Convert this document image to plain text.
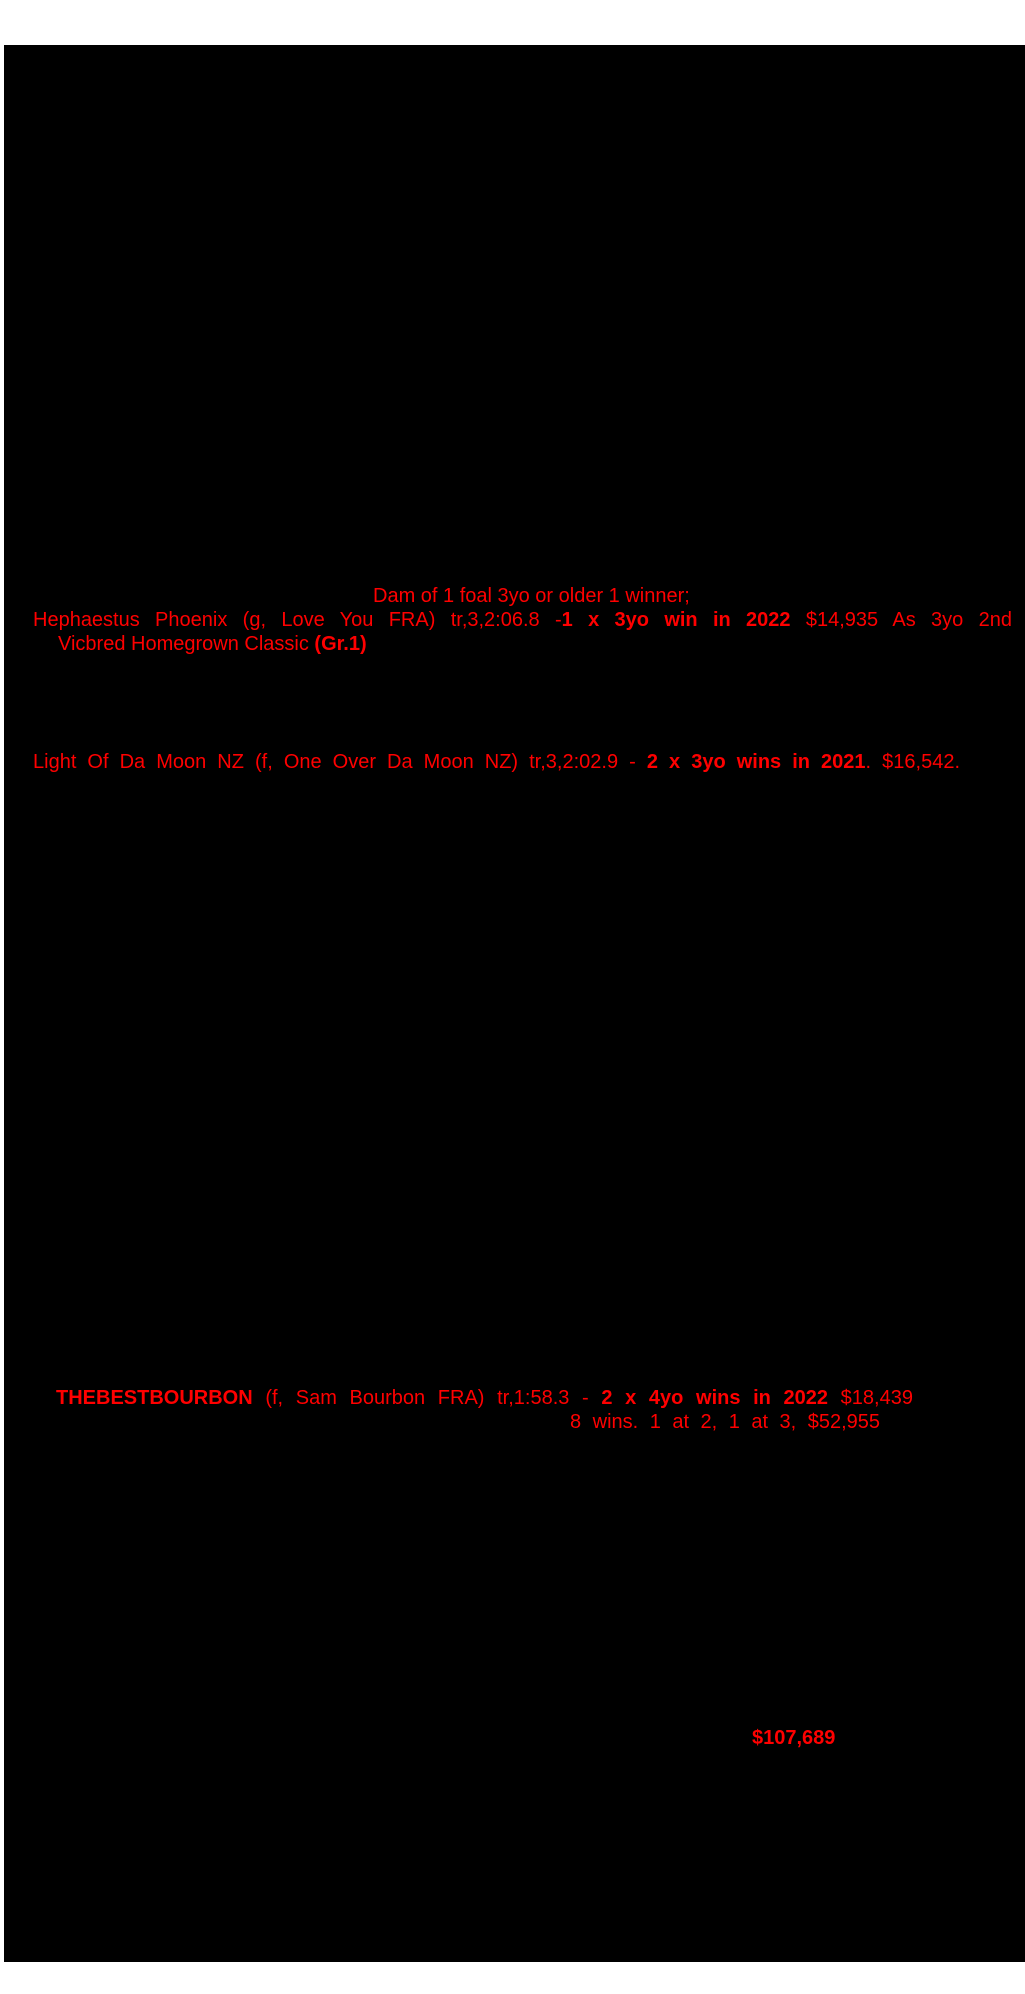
Dam of 1 foal 3yo or older 1 winner;
Hephaestus Phoenix (g, Love You FRA) tr,3,2:06.8 -1 x 3yo win in 2022 $14,935 As 3yo 2nd
Vicbred Homegrown Classic (Gr.1)
Light Of Da Moon NZ (f, One Over Da Moon NZ) tr,3,2:02.9 - 2 x 3yo wins in 2021. $16,542.
THEBESTBOURBON (f, Sam Bourbon FRA) tr,1:58.3 - 2 x 4yo wins in 2022 $18,439
8 wins. 1 at 2, 1 at 3, $52,955
$107,689
